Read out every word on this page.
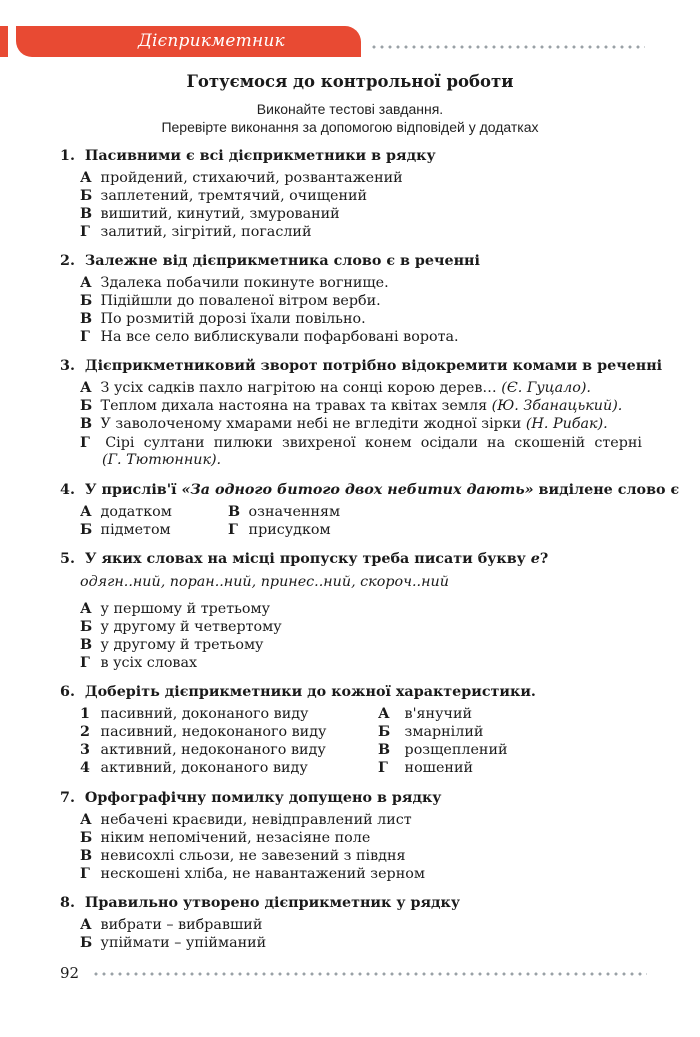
Дієприкметник
Готуємося до контрольної роботи
Виконайте тестові завдання.
Перевірте виконання за допомогою відповідей у додатках
1. Пасивними є всі дієприкметники в рядку
А пройдений, стихаючий, розвантажений
Б заплетений, тремтячий, очищений
В вишитий, кинутий, змурований
Г залитий, зігрітий, погаслий
2. Залежне від дієприкметника слово є в реченні
А Здалека побачили покинуте вогнище.
Б Підійшли до поваленої вітром верби.
В По розмитій дорозі їхали повільно.
Г На все село виблискували пофарбовані ворота.
3. Дієприкметниковий зворот потрібно відокремити комами в реченні
А З усіх садків пахло нагрітою на сонці корою дерев… (Є. Гуцало).
Б Теплом дихала настояна на травах та квітах земля (Ю. Збанацький).
В У заволоченому хмарами небі не вгледіти жодної зірки (Н. Рибак).
Г Сірі султани пилюки звихреної конем осідали на скошеній стерні
(Г. Тютюнник).
4. У прислів'ї «За одного битого двох небитих дають» виділене слово є
А додатком	В означенням
Б підметом	Г присудком
5. У яких словах на місці пропуску треба писати букву е?
одягн..ний, поран..ний, принес..ний, скороч..ний
А у першому й третьому
Б у другому й четвертому
В у другому й третьому
Г в усіх словах
6. Доберіть дієприкметники до кожної характеристики.
1 пасивний, доконаного виду
2 пасивний, недоконаного виду
3 активний, недоконаного виду
4 активний, доконаного виду
А в'янучий
Б змарнілий
В розщеплений
Г ношений
7. Орфографічну помилку допущено в рядку
А небачені краєвиди, невідправлений лист
Б ніким непомічений, незасіяне поле
В невисохлі сльози, не завезений з півдня
Г нескошені хліба, не навантажений зерном
8. Правильно утворено дієприкметник у рядку
А вибрати – вибравший
Б упіймати – упійманий
92
